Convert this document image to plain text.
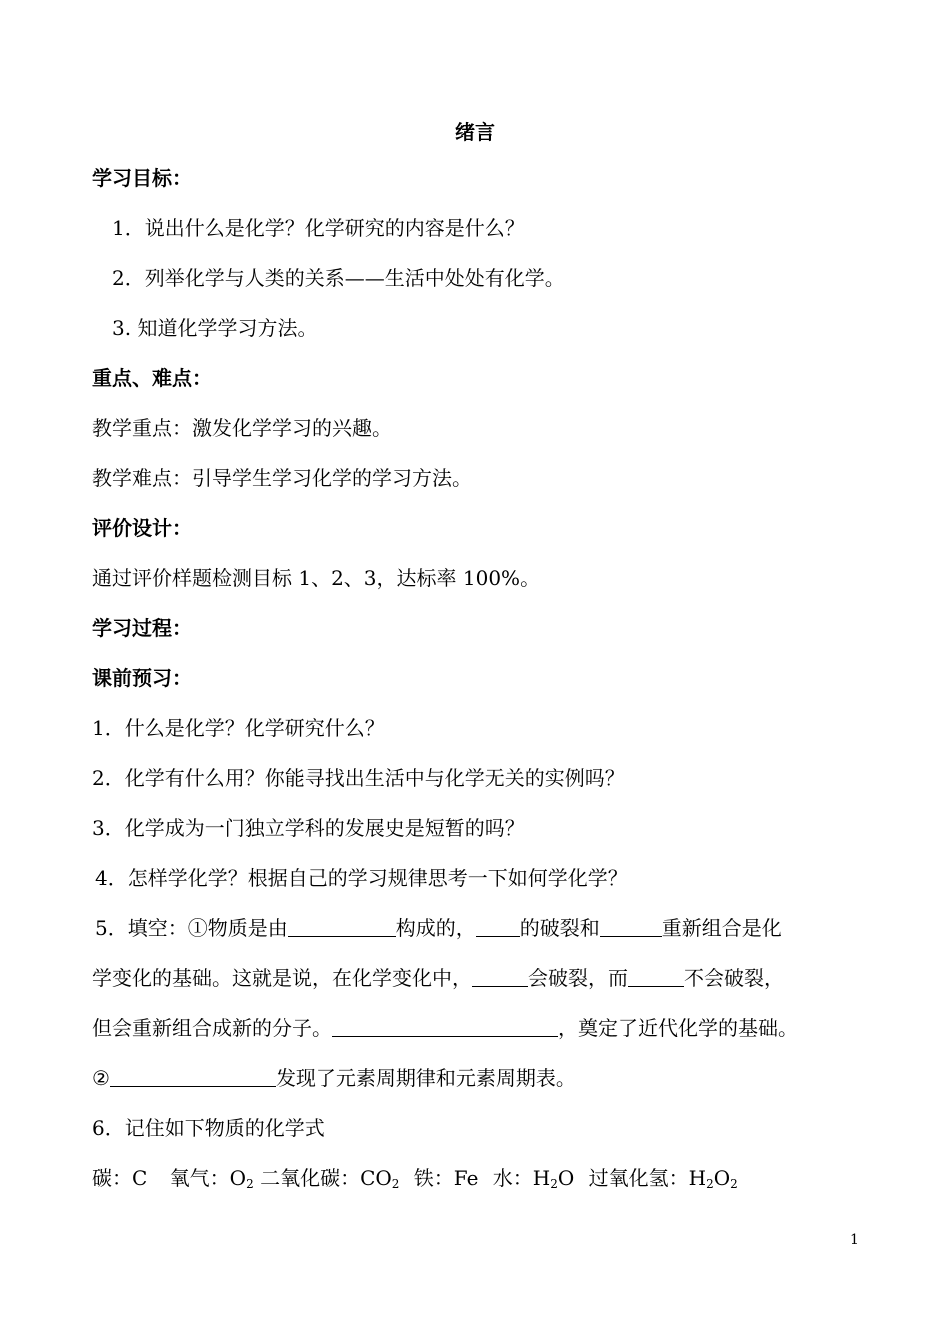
绪言
学习目标：
1．说出什么是化学？化学研究的内容是什么？
2．列举化学与人类的关系——生活中处处有化学。
3. 知道化学学习方法。
重点、难点：
教学重点：激发化学学习的兴趣。
教学难点：引导学生学习化学的学习方法。
评价设计：
通过评价样题检测目标 1、2、3，达标率 100%。
学习过程：
课前预习：
1．什么是化学？化学研究什么？
2．化学有什么用？你能寻找出生活中与化学无关的实例吗？
3．化学成为一门独立学科的发展史是短暂的吗？
4．怎样学化学？根据自己的学习规律思考一下如何学化学？
5．填空：①物质是由	构成的， 的破裂和	重新组合是化
学变化的基础。这就是说，在化学变化中，	会破裂，而	不会破裂，
但会重新组合成新的分子。	，奠定了近代化学的基础。
②	发现了元素周期律和元素周期表。
6．记住如下物质的化学式
碳：C 氧气：$O_2$ 二氧化碳：$CO_2$ 铁：Fe 水：$H_2O$ 过氧化氢：$H_2O_2$
1
